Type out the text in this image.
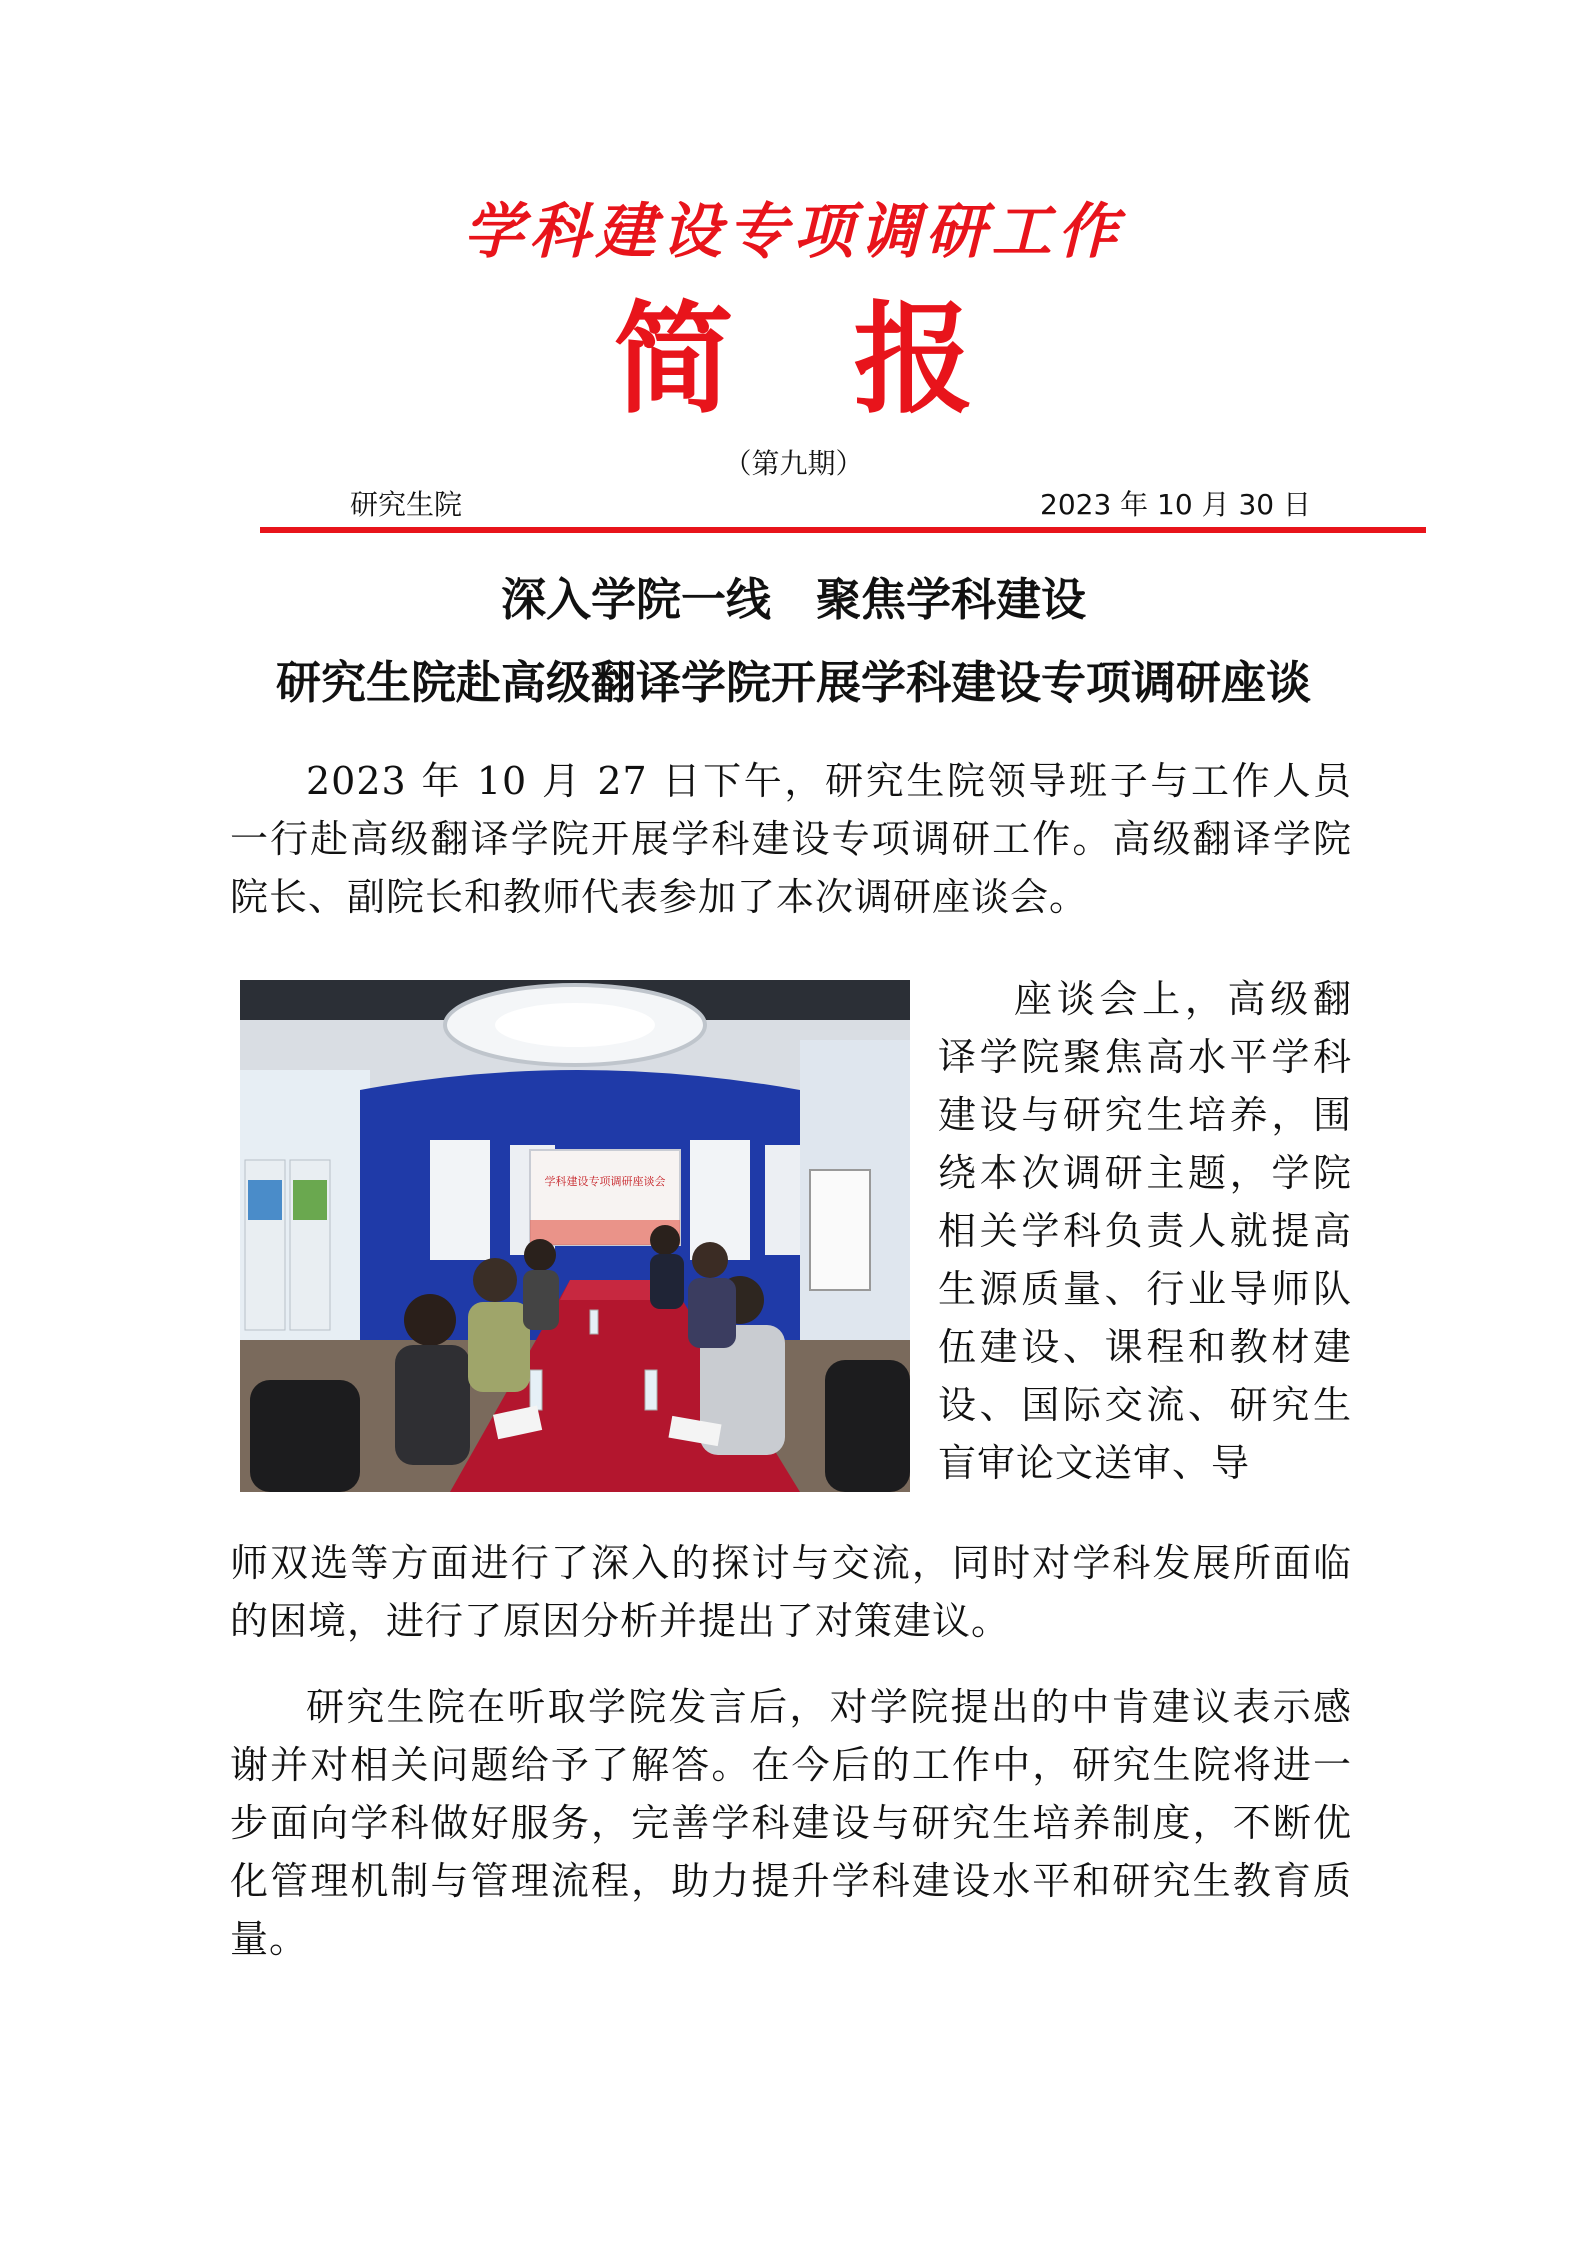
学科建设专项调研工作
简 报
（第九期）
研究生院	2023 年 10 月 30 日
深入学院一线　聚焦学科建设
研究生院赴高级翻译学院开展学科建设专项调研座谈
2023 年 10 月 27 日下午，研究生院领导班子与工作人员一行赴高级翻译学院开展学科建设专项调研工作。高级翻译学院院长、副院长和教师代表参加了本次调研座谈会。
学科建设专项调研座谈会
座谈会上，高级翻译学院聚焦高水平学科建设与研究生培养，围绕本次调研主题，学院相关学科负责人就提高生源质量、行业导师队伍建设、课程和教材建设、国际交流、研究生盲审论文送审、导
师双选等方面进行了深入的探讨与交流，同时对学科发展所面临的困境，进行了原因分析并提出了对策建议。
研究生院在听取学院发言后，对学院提出的中肯建议表示感谢并对相关问题给予了解答。在今后的工作中，研究生院将进一步面向学科做好服务，完善学科建设与研究生培养制度，不断优化管理机制与管理流程，助力提升学科建设水平和研究生教育质量。
